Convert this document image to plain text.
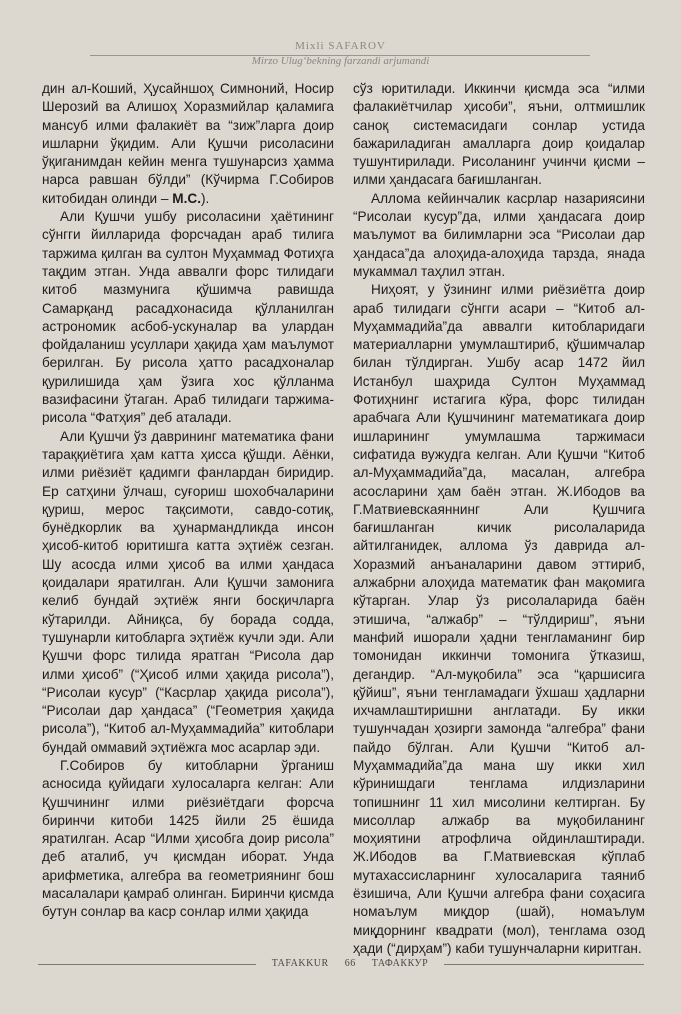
Mixli SAFAROV
Mirzo Ulug‘bekning farzandi arjumandi

дин ал-Коший, Ҳусайншоҳ Симноний, Носир Шерозий ва Алишоҳ Хоразмийлар қаламига мансуб илми фалакиёт ва “зиж”ларга доир ишларни ўқидим. Али Қушчи рисоласини ўқиганимдан кейин менга тушунарсиз ҳамма нарса равшан бўлди” (Кўчирма Г.Собиров китобидан олинди – М.С.).

Али Қушчи ушбу рисоласини ҳаётининг сўнгги йилларида форсчадан араб тилига таржима қилган ва султон Муҳаммад Фотиҳга тақдим этган. Унда аввалги форс тилидаги китоб мазмунига қўшимча равишда Самарқанд расадхонасида қўлланилган астрономик асбоб-ускуналар ва улардан фойдаланиш усуллари ҳақида ҳам маълумот берилган. Бу рисола ҳатто расадхоналар қурилишида ҳам ўзига хос қўлланма вазифасини ўтаган. Араб тилидаги таржима-рисола “Фатҳия” деб аталади.

Али Қушчи ўз даврининг математика фани тараққиётига ҳам катта ҳисса қўшди. Аёнки, илми риёзиёт қадимги фанлардан биридир. Ер сатҳини ўлчаш, суғориш шохобчаларини қуриш, мерос тақсимоти, савдо-сотиқ, бунёдкорлик ва ҳунармандликда инсон ҳисоб-китоб юритишга катта эҳтиёж сезган. Шу асосда илми ҳисоб ва илми ҳандаса қоидалари яратилган. Али Қушчи замонига келиб бундай эҳтиёж янги босқичларга кўтарилди. Айниқса, бу борада содда, тушунарли китобларга эҳтиёж кучли эди. Али Қушчи форс тилида яратган “Рисола дар илми ҳисоб” (“Ҳисоб илми ҳақида рисола”), “Рисолаи кусур” (“Касрлар ҳақида рисола”), “Рисолаи дар ҳандаса” (“Геометрия ҳақида рисола”), “Китоб ал-Муҳаммадийа” китоблари бундай оммавий эҳтиёжга мос асарлар эди.

Г.Собиров бу китобларни ўрганиш асносида қуйидаги хулосаларга келган: Али Қушчининг илми риёзиётдаги форсча биринчи китоби 1425 йили 25 ёшида яратилган. Асар “Илми ҳисобга доир рисола” деб аталиб, уч қисмдан иборат. Унда арифметика, алгебра ва геометриянинг бош масалалари қамраб олинган. Биринчи қисмда бутун сонлар ва каср сонлар илми ҳақида

сўз юритилади. Иккинчи қисмда эса “илми фалакиётчилар ҳисоби”, яъни, олтмишлик саноқ системасидаги сонлар устида бажариладиган амалларга доир қоидалар тушунтирилади. Рисоланинг учинчи қисми – илми ҳандасага бағишланган.

Алломa кейинчалик касрлар назариясини “Рисолаи кусур”да, илми ҳандасага доир маълумот ва билимларни эса “Рисолаи дар ҳандаса”да алоҳида-алоҳида тарзда, янада мукаммал таҳлил этган.

Ниҳоят, у ўзининг илми риёзиётга доир араб тилидаги сўнгги асари – “Китоб ал-Муҳаммадийа”да аввалги китобларидаги материалларни умумлаштириб, қўшимчалар билан тўлдирган. Ушбу асар 1472 йил Истанбул шаҳрида Султон Муҳаммад Фотиҳнинг истагига кўра, форс тилидан арабчага Али Қушчининг математикага доир ишларининг умумлашма таржимаси сифатида вужудга келган. Али Қушчи “Китоб ал-Муҳаммадийа”да, масалан, алгебра асосларини ҳам баён этган. Ж.Ибодов ва Г.Матвиевскаяннинг Али Қушчига бағишланган кичик рисолаларида айтилганидек, алломa ўз даврида ал-Хоразмий анъаналарини давом эттириб, алжабрни алоҳида математик фан мақомига кўтарган. Улар ўз рисолаларида баён этишича, “алжабр” – “тўлдириш”, яъни манфий ишорали ҳадни тенгламанинг бир томонидан иккинчи томонига ўтказиш, дегандир. “Ал-муқобила” эса “қаршисига қўйиш”, яъни тенгламадаги ўхшаш ҳадларни ихчамлаштиришни англатади. Бу икки тушунчадан ҳозирги замонда “алгебра” фани пайдо бўлган. Али Қушчи “Китоб ал-Муҳаммадийа”да мана шу икки хил кўринишдаги тенглама илдизларини топишнинг 11 хил мисолини келтирган. Бу мисоллар алжабр ва муқобиланинг моҳиятини атрофлича ойдинлаштиради. Ж.Ибодов ва Г.Матвиевская кўплаб мутахассисларнинг хулосаларига таяниб ёзишича, Али Қушчи алгебра фани соҳасига номаълум миқдор (шай), номаълум миқдорнинг квадрати (мол), тенглама озод ҳади (“дирҳам”) каби тушунчаларни киритган.

TAFAKKUR 66 ТАФАККУР
